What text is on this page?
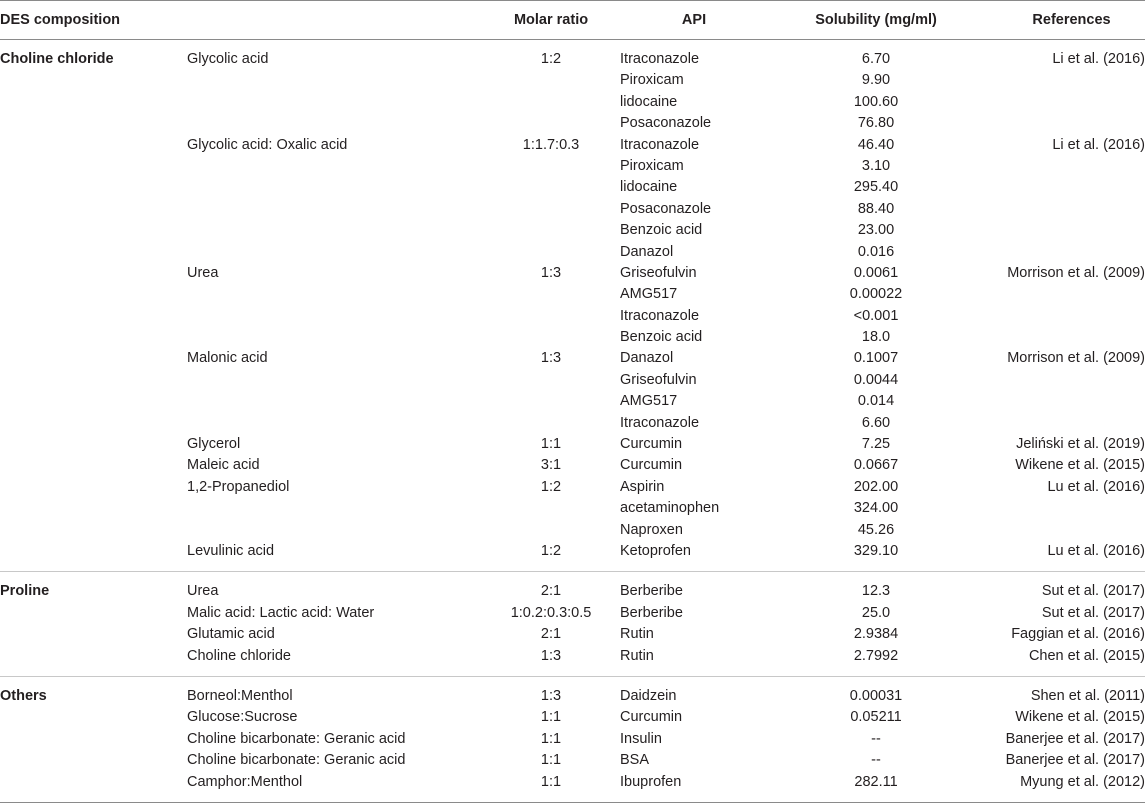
DES composition		Molar ratio	API	Solubility (mg/ml)	References
Choline chloride	Glycolic acid	1:2	Itraconazole	6.70	Li et al. (2016)
			Piroxicam	9.90	
			lidocaine	100.60	
			Posaconazole	76.80	
	Glycolic acid: Oxalic acid	1:1.7:0.3	Itraconazole	46.40	Li et al. (2016)
			Piroxicam	3.10	
			lidocaine	295.40	
			Posaconazole	88.40	
			Benzoic acid	23.00	
			Danazol	0.016	
	Urea	1:3	Griseofulvin	0.0061	Morrison et al. (2009)
			AMG517	0.00022	
			Itraconazole	<0.001	
			Benzoic acid	18.0	
	Malonic acid	1:3	Danazol	0.1007	Morrison et al. (2009)
			Griseofulvin	0.0044	
			AMG517	0.014	
			Itraconazole	6.60	
	Glycerol	1:1	Curcumin	7.25	Jeliński et al. (2019)
	Maleic acid	3:1	Curcumin	0.0667	Wikene et al. (2015)
	1,2-Propanediol	1:2	Aspirin	202.00	Lu et al. (2016)
			acetaminophen	324.00	
			Naproxen	45.26	
	Levulinic acid	1:2	Ketoprofen	329.10	Lu et al. (2016)
Proline	Urea	2:1	Berberibe	12.3	Sut et al. (2017)
	Malic acid: Lactic acid: Water	1:0.2:0.3:0.5	Berberibe	25.0	Sut et al. (2017)
	Glutamic acid	2:1	Rutin	2.9384	Faggian et al. (2016)
	Choline chloride	1:3	Rutin	2.7992	Chen et al. (2015)
Others	Borneol:Menthol	1:3	Daidzein	0.00031	Shen et al. (2011)
	Glucose:Sucrose	1:1	Curcumin	0.05211	Wikene et al. (2015)
	Choline bicarbonate: Geranic acid	1:1	Insulin	--	Banerjee et al. (2017)
	Choline bicarbonate: Geranic acid	1:1	BSA	--	Banerjee et al. (2017)
	Camphor:Menthol	1:1	Ibuprofen	282.11	Myung et al. (2012)
